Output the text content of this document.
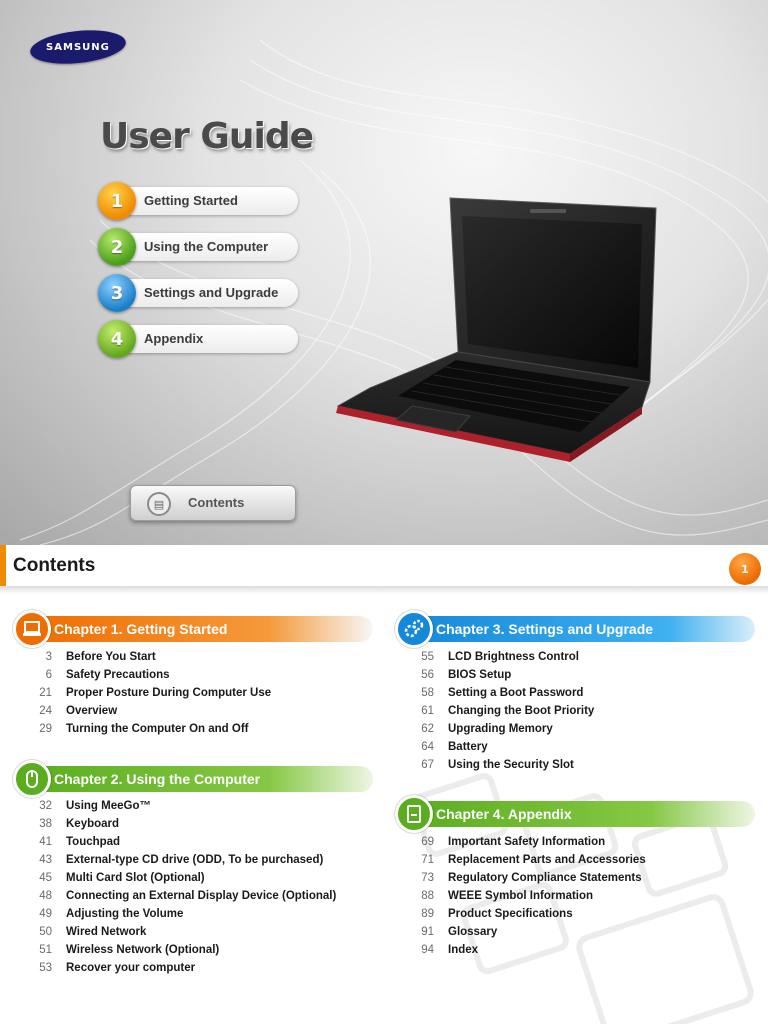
SAMSUNG
User Guide
1	Getting Started
2	Using the Computer
3	Settings and Upgrade
4	Appendix
▤	Contents
Contents	1
Chapter 1. Getting Started
3 Before You Start
6 Safety Precautions
21 Proper Posture During Computer Use
24 Overview
29 Turning the Computer On and Off
Chapter 2. Using the Computer
32 Using MeeGo™
38 Keyboard
41 Touchpad
43 External-type CD drive (ODD, To be purchased)
45 Multi Card Slot (Optional)
48 Connecting an External Display Device (Optional)
49 Adjusting the Volume
50 Wired Network
51 Wireless Network (Optional)
53 Recover your computer
Chapter 3. Settings and Upgrade
55 LCD Brightness Control
56 BIOS Setup
58 Setting a Boot Password
61 Changing the Boot Priority
62 Upgrading Memory
64 Battery
67 Using the Security Slot
Chapter 4. Appendix
69 Important Safety Information
71 Replacement Parts and Accessories
73 Regulatory Compliance Statements
88 WEEE Symbol Information
89 Product Specifications
91 Glossary
94 Index
